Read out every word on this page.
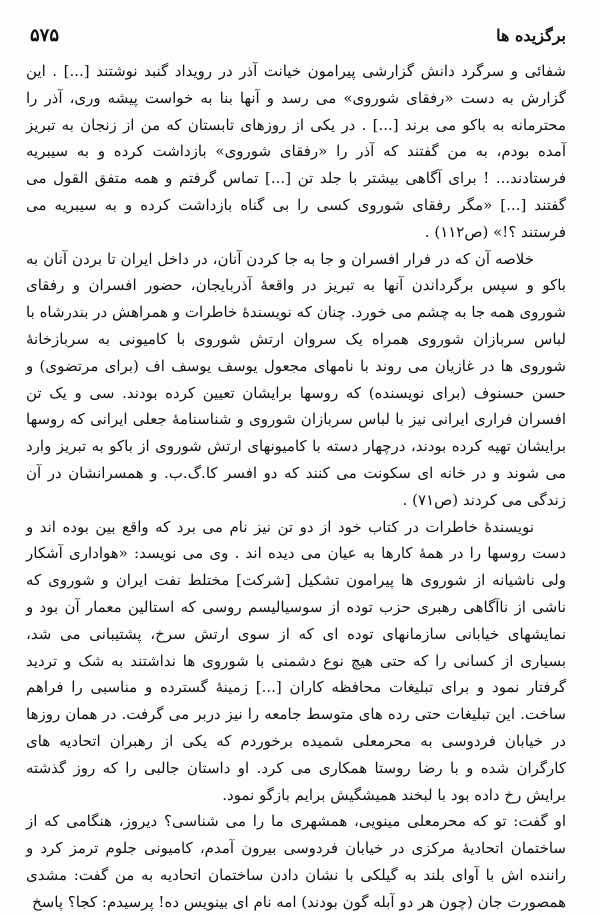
برگزیده ها
۵۷۵

شفائی و سرگرد دانش گزارشی پیرامون خیانت آذر در رویداد گنبد نوشتند [...] . این گزارش به دست «رفقای شوروی» می رسد و آنها بنا به خواست پیشه وری، آذر را محترمانه به باکو می برند [...] . در یکی از روزهای تابستان که من از زنجان به تبریز آمده بودم، به من گفتند که آذر را «رفقای شوروی» بازداشت کرده و به سیبریه فرستادند... ! برای آگاهی بیشتر با جلد تن [...] تماس گرفتم و همه متفق القول می گفتند [...] «مگر رفقای شوروی کسی را بی گناه بازداشت کرده و به سیبریه می فرستند ؟!» (ص۱۱۲) .

خلاصه آن که در فرار افسران و جا به جا کردن آنان، در داخل ایران تا بردن آنان به باکو و سپس برگرداندن آنها به تبریز در واقعهٔ آذربایجان، حضور افسران و رفقای شوروی همه جا به چشم می خورد. چنان که نویسندهٔ خاطرات و همراهش در بندرشاه با لباس سربازان شوروی همراه یک سروان ارتش شوروی با کامیونی به سربازخانهٔ شوروی ها در غازیان می روند با نامهای مجعول یوسف یوسف اف (برای مرتضوی) و حسن حسنوف (برای نویسنده) که روسها برایشان تعیین کرده بودند. سی و یک تن افسران فراری ایرانی نیز با لباس سربازان شوروی و شناسنامهٔ جعلی ایرانی که روسها برایشان تهیه کرده بودند، درچهار دسته با کامیونهای ارتش شوروی از باکو به تبریز وارد می شوند و در خانه ای سکونت می کنند که دو افسر کا.گ.ب. و همسرانشان در آن زندگی می کردند (ص۷۱) .

نویسندهٔ خاطرات در کتاب خود از دو تن نیز نام می برد که واقع بین بوده اند و دست روسها را در همهٔ کارها به عیان می دیده اند . وی می نویسد: «هواداری آشکار ولی ناشیانه از شوروی ها پیرامون تشکیل [شرکت] مختلط نفت ایران و شوروی که ناشی از ناآگاهی رهبری حزب توده از سوسیالیسم روسی که استالین معمار آن بود و نمایشهای خیابانی سازمانهای توده ای که از سوی ارتش سرخ، پشتیبانی می شد، بسیاری از کسانی را که حتی هیچ نوع دشمنی با شوروی ها نداشتند به شک و تردید گرفتار نمود و برای تبلیغات محافظه کاران [...] زمینهٔ گسترده و مناسبی را فراهم ساخت. این تبلیغات حتی رده های متوسط جامعه را نیز دربر می گرفت. در همان روزها در خیابان فردوسی به محرمعلی شمیده برخوردم که یکی از رهبران اتحادیه های کارگران شده و با رضا روستا همکاری می کرد. او داستان جالبی را که روز گذشته برایش رخ داده بود با لبخند همیشگیش برایم بازگو نمود.

او گفت: تو که محرمعلی مینویی، همشهری ما را می شناسی؟ دیروز، هنگامی که از ساختمان اتحادیهٔ مرکزی در خیابان فردوسی بیرون آمدم، کامیونی جلوم ترمز کرد و راننده اش با آوای بلند به گیلکی با نشان دادن ساختمان اتحادیه به من گفت: مشدی همصورت جان (چون هر دو آبله گون بودند) امه نام ای بینویس ده! پرسیدم: کجا؟ پاسخ
